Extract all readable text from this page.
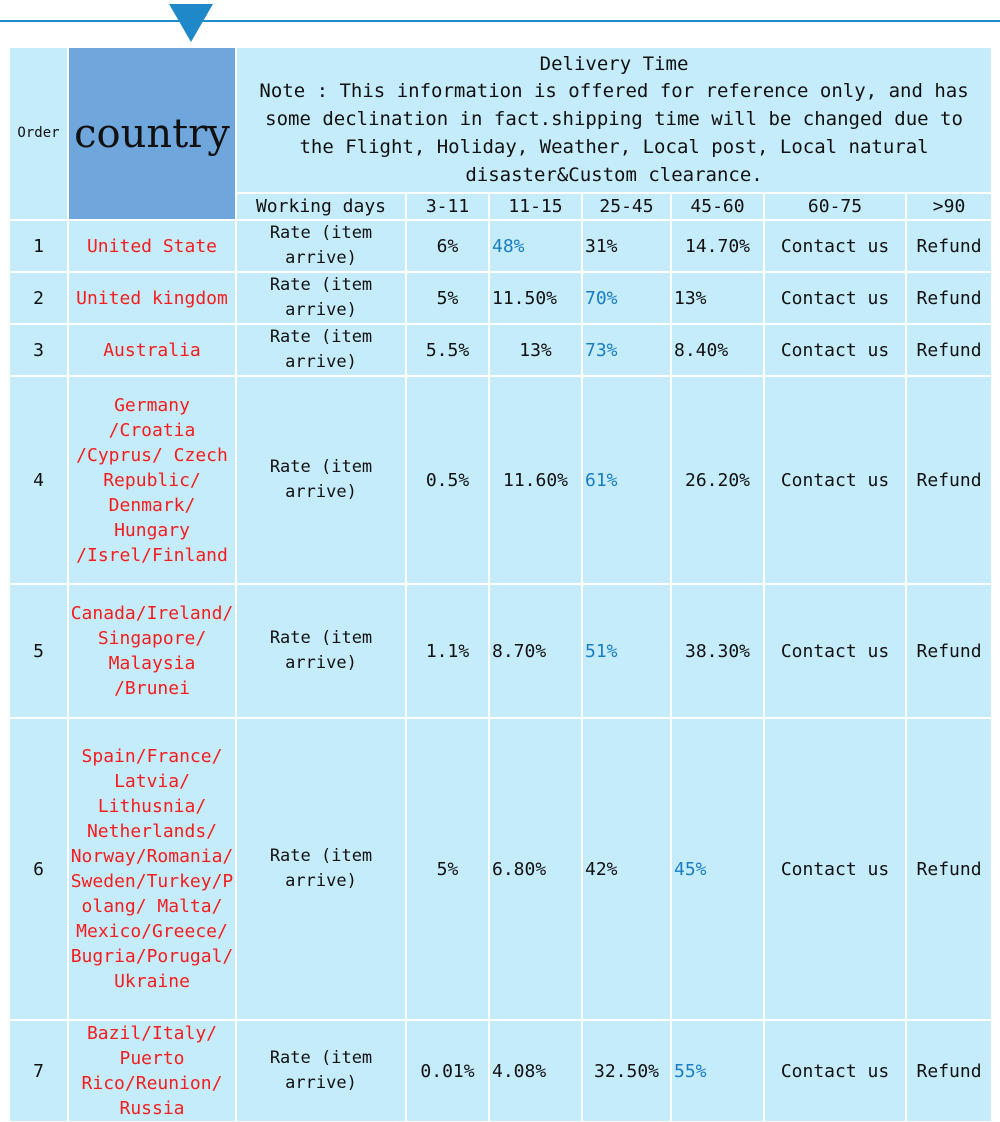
Order	country	Delivery Time
Note : This information is offered for reference only, and has some declination in fact.shipping time will be changed due to the Flight, Holiday, Weather, Local post, Local natural disaster&Custom clearance.						

		Working days	3-11	11-15	25-45	45-60	60-75	>90
1	United State	Rate (item arrive)	6%	48%	31%	14.70%	Contact us	Refund
2	United kingdom	Rate (item arrive)	5%	11.50%	70%	13%	Contact us	Refund
3	Australia	Rate (item arrive)	5.5%	13%	73%	8.40%	Contact us	Refund
4	Germany /Croatia /Cyprus/ Czech Republic/ Denmark/ Hungary /Isrel/Finland	Rate (item arrive)	0.5%	11.60%	61%	26.20%	Contact us	Refund
5	Canada/Ireland/ Singapore/ Malaysia /Brunei	Rate (item arrive)	1.1%	8.70%	51%	38.30%	Contact us	Refund
6	Spain/France/ Latvia/ Lithusnia/ Netherlands/ Norway/Romania/ Sweden/Turkey/P olang/ Malta/ Mexico/Greece/ Bugria/Porugal/ Ukraine	Rate (item arrive)	5%	6.80%	42%	45%	Contact us	Refund
7	Bazil/Italy/ Puerto Rico/Reunion/ Russia	Rate (item arrive)	0.01%	4.08%	32.50%	55%	Contact us	Refund
